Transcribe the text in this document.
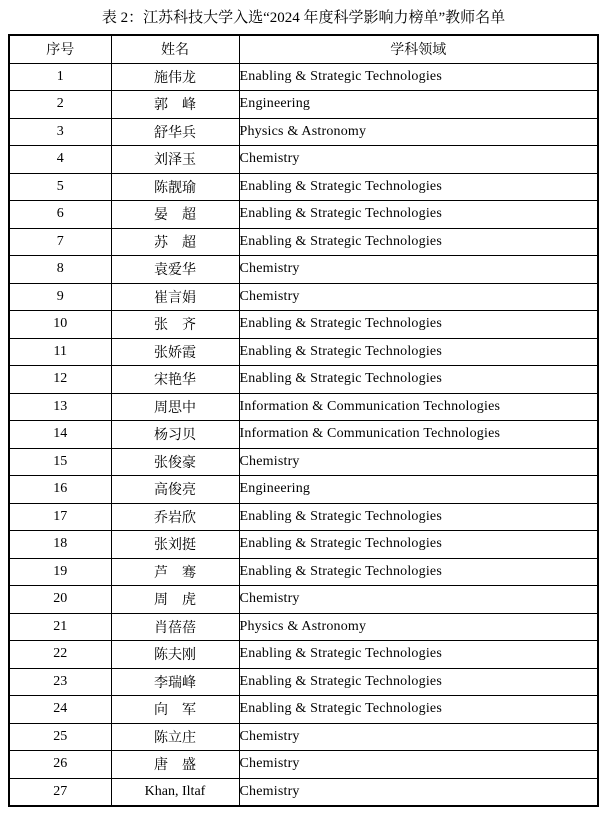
表 2：江苏科技大学入选“2024 年度科学影响力榜单”教师名单
序号	姓名	学科领域
1	施伟龙	Enabling & Strategic Technologies
2	郭　峰	Engineering
3	舒华兵	Physics & Astronomy
4	刘泽玉	Chemistry
5	陈靓瑜	Enabling & Strategic Technologies
6	晏　超	Enabling & Strategic Technologies
7	苏　超	Enabling & Strategic Technologies
8	袁爱华	Chemistry
9	崔言娟	Chemistry
10	张　齐	Enabling & Strategic Technologies
11	张娇霞	Enabling & Strategic Technologies
12	宋艳华	Enabling & Strategic Technologies
13	周思中	Information & Communication Technologies
14	杨习贝	Information & Communication Technologies
15	张俊豪	Chemistry
16	高俊亮	Engineering
17	乔岩欣	Enabling & Strategic Technologies
18	张刘挺	Enabling & Strategic Technologies
19	芦　骞	Enabling & Strategic Technologies
20	周　虎	Chemistry
21	肖蓓蓓	Physics & Astronomy
22	陈夫刚	Enabling & Strategic Technologies
23	李瑞峰	Enabling & Strategic Technologies
24	向　军	Enabling & Strategic Technologies
25	陈立庄	Chemistry
26	唐　盛	Chemistry
27	Khan, Iltaf	Chemistry
